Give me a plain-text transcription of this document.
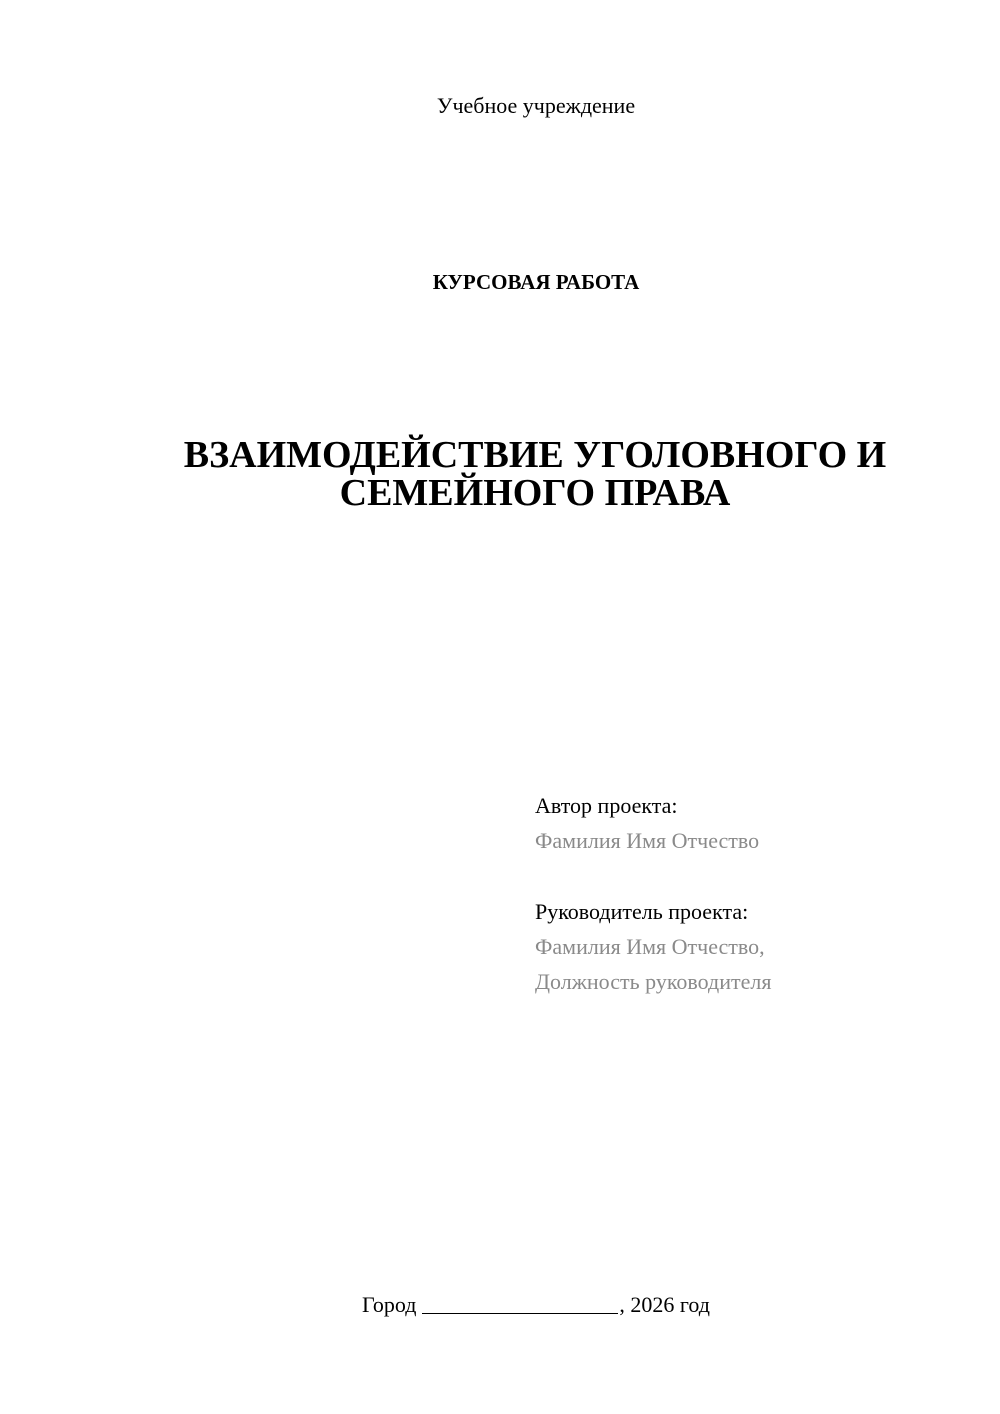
Учебное учреждение
КУРСОВАЯ РАБОТА
ВЗАИМОДЕЙСТВИЕ УГОЛОВНОГО И
СЕМЕЙНОГО ПРАВА
Автор проекта:
Фамилия Имя Отчество
Руководитель проекта:
Фамилия Имя Отчество,
Должность руководителя
Город	, 2026 год
